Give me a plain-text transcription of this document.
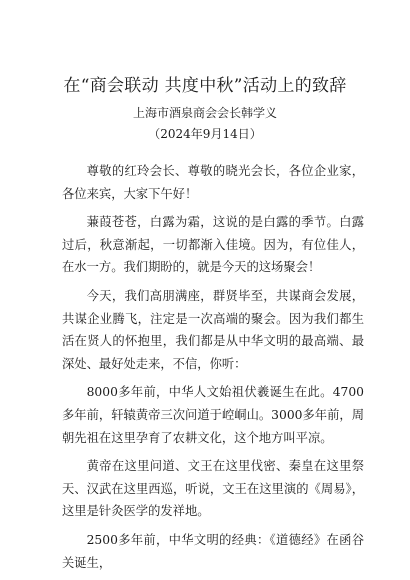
在“商会联动 共度中秋”活动上的致辞
上海市酒泉商会会长韩学义
（2024年9月14日）

尊敬的红玲会长、尊敬的晓光会长，各位企业家，各位来宾，大家下午好！

蒹葭苍苍，白露为霜，这说的是白露的季节。白露过后，秋意渐起，一切都渐入佳境。因为，有位佳人，在水一方。我们期盼的，就是今天的这场聚会！

今天，我们高朋满座，群贤毕至，共谋商会发展，共谋企业腾飞，注定是一次高端的聚会。因为我们都生活在贤人的怀抱里，我们都是从中华文明的最高端、最深处、最好处走来，不信，你听：

8000多年前，中华人文始祖伏羲诞生在此。4700多年前，轩辕黄帝三次问道于崆峒山。3000多年前，周朝先祖在这里孕育了农耕文化，这个地方叫平凉。

黄帝在这里问道、文王在这里伐密、秦皇在这里祭天、汉武在这里西巡，听说，文王在这里演的《周易》，这里是针灸医学的发祥地。

2500多年前，中华文明的经典：《道德经》在函谷关诞生，
